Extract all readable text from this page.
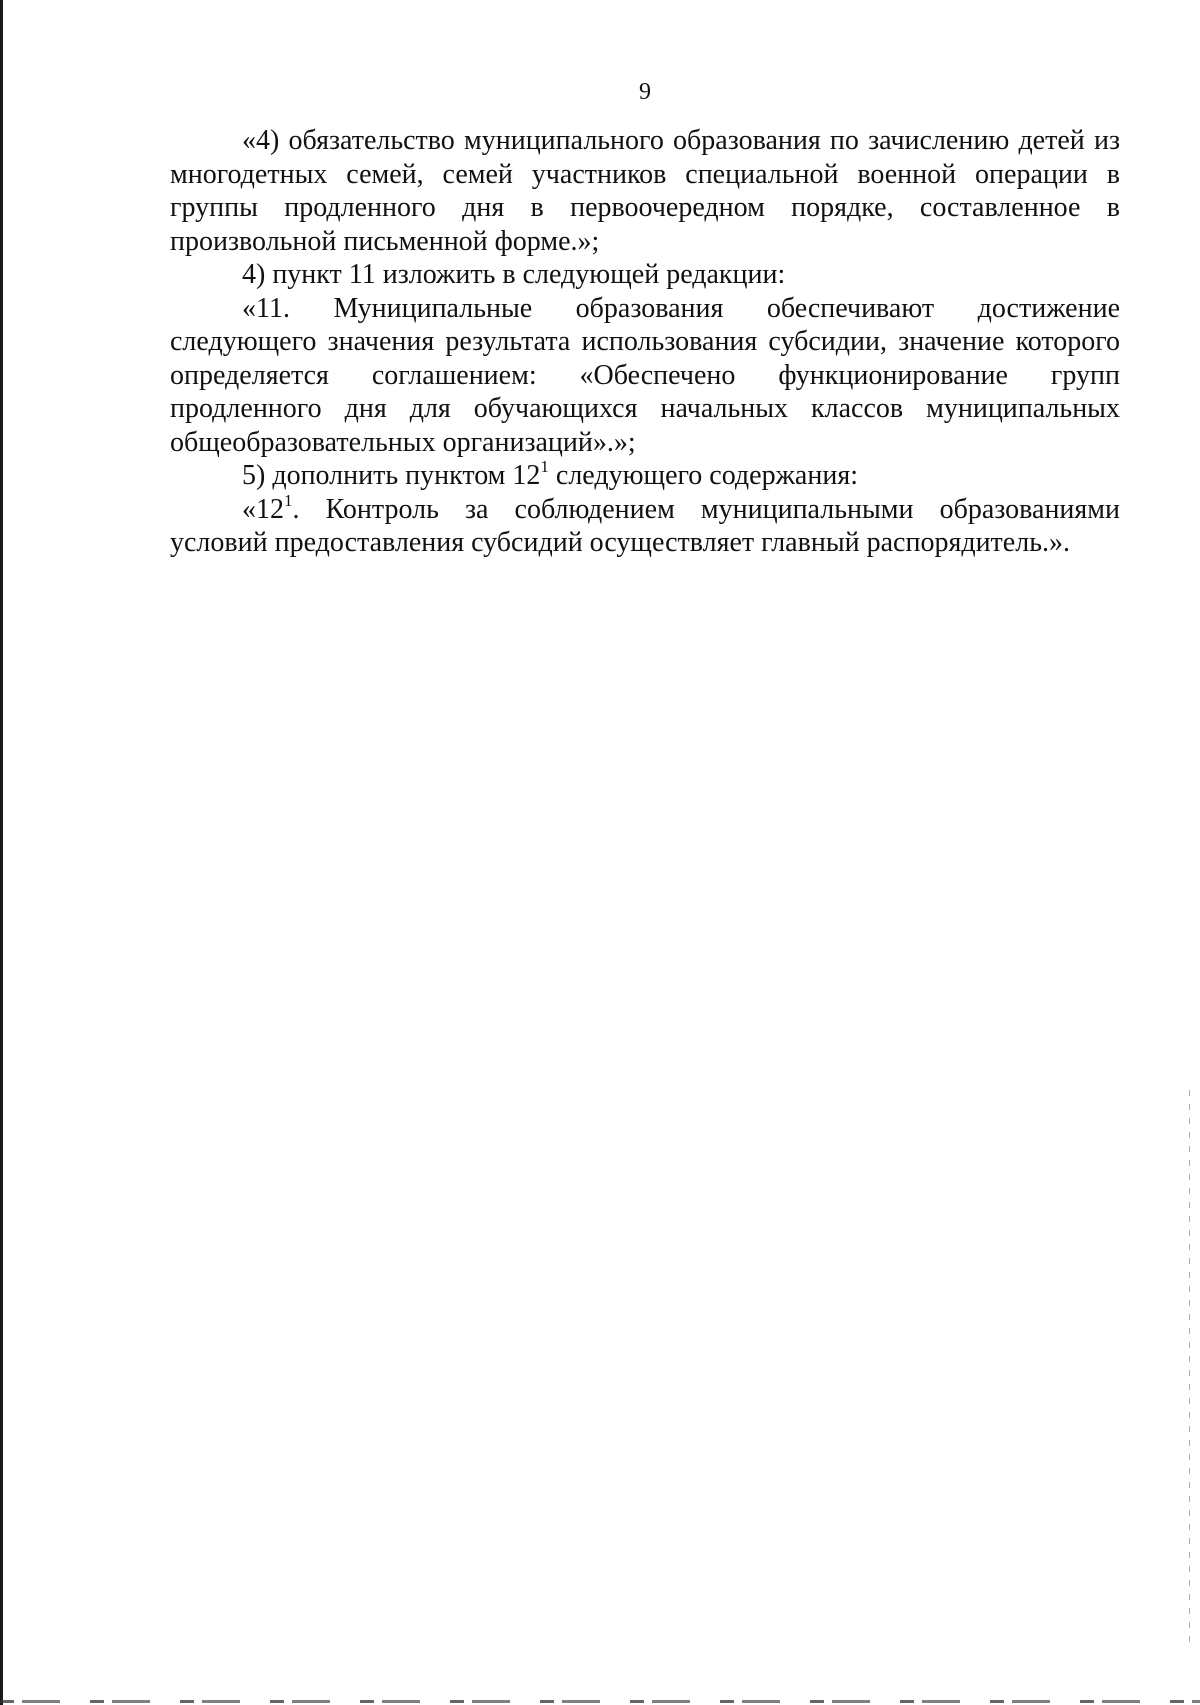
9

«4) обязательство муниципального образования по зачислению детей из многодетных семей, семей участников специальной военной операции в группы продленного дня в первоочередном порядке, составленное в произвольной письменной форме.»;

4) пункт 11 изложить в следующей редакции:

«11. Муниципальные образования обеспечивают достижение следующего значения результата использования субсидии, значение которого определяется соглашением: «Обеспечено функционирование групп продленного дня для обучающихся начальных классов муниципальных общеобразовательных организаций».»;

5) дополнить пунктом $12^1$ следующего содержания:

«$12^1$. Контроль за соблюдением муниципальными образованиями условий предоставления субсидий осуществляет главный распорядитель.».
